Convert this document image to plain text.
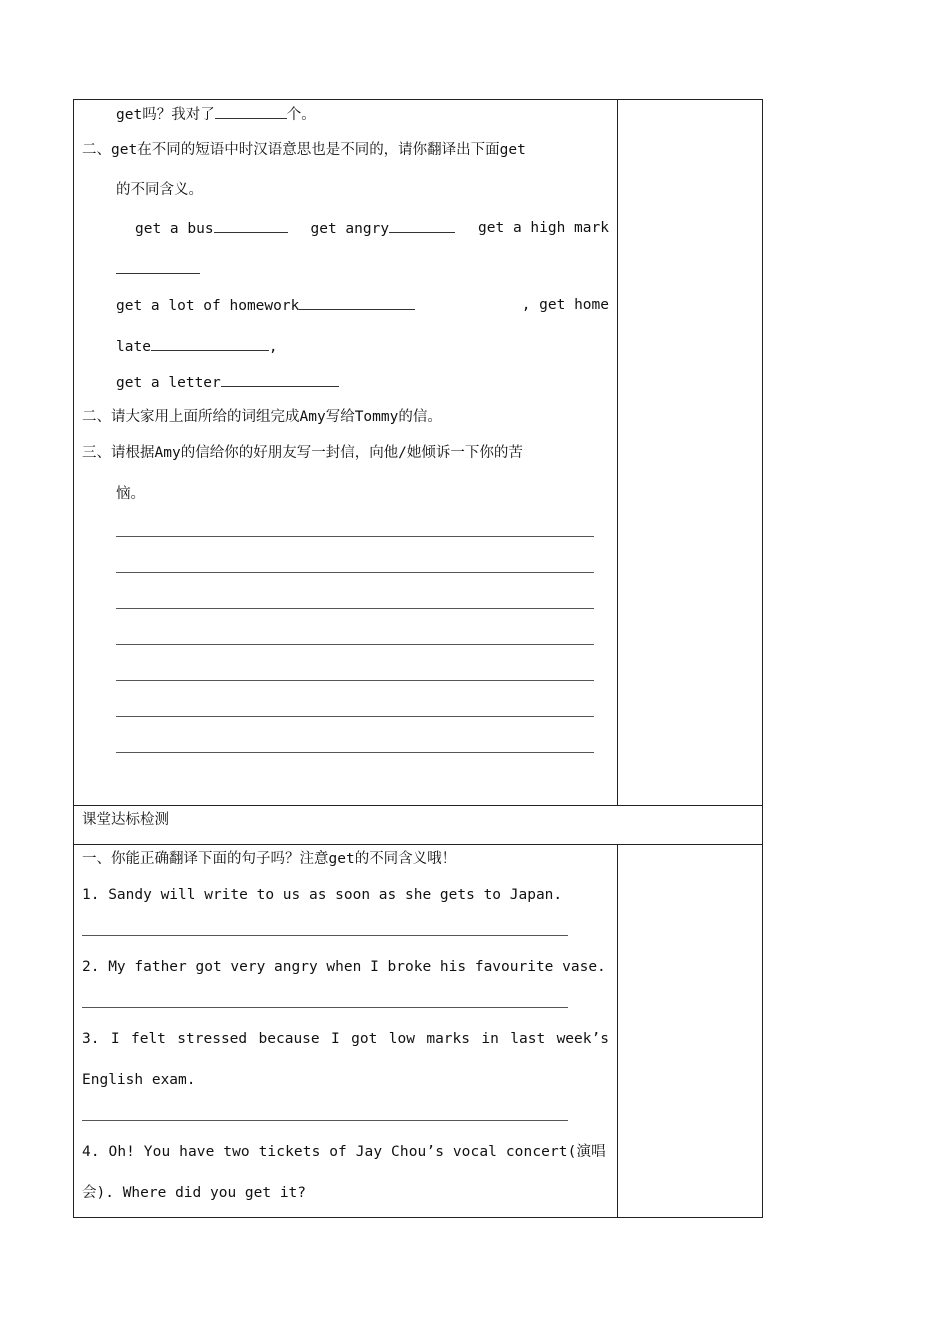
get吗？我对了	个。
二、get在不同的短语中时汉语意思也是不同的，请你翻译出下面get
的不同含义。
get a bus	get angry	get a high mark
get a lot of homework	, get home
late	,
get a letter
二、请大家用上面所给的词组完成Amy写给Tommy的信。
三、请根据Amy的信给你的好朋友写一封信，向他/她倾诉一下你的苦
恼。
课堂达标检测
一、你能正确翻译下面的句子吗？注意get的不同含义哦！
1. Sandy will write to us as soon as she gets to Japan.
2. My father got very angry when I broke his favourite vase.
3. I felt stressed because I got low marks in last week’s
English exam.
4. Oh! You have two tickets of Jay Chou’s vocal concert(演唱
会). Where did you get it?
